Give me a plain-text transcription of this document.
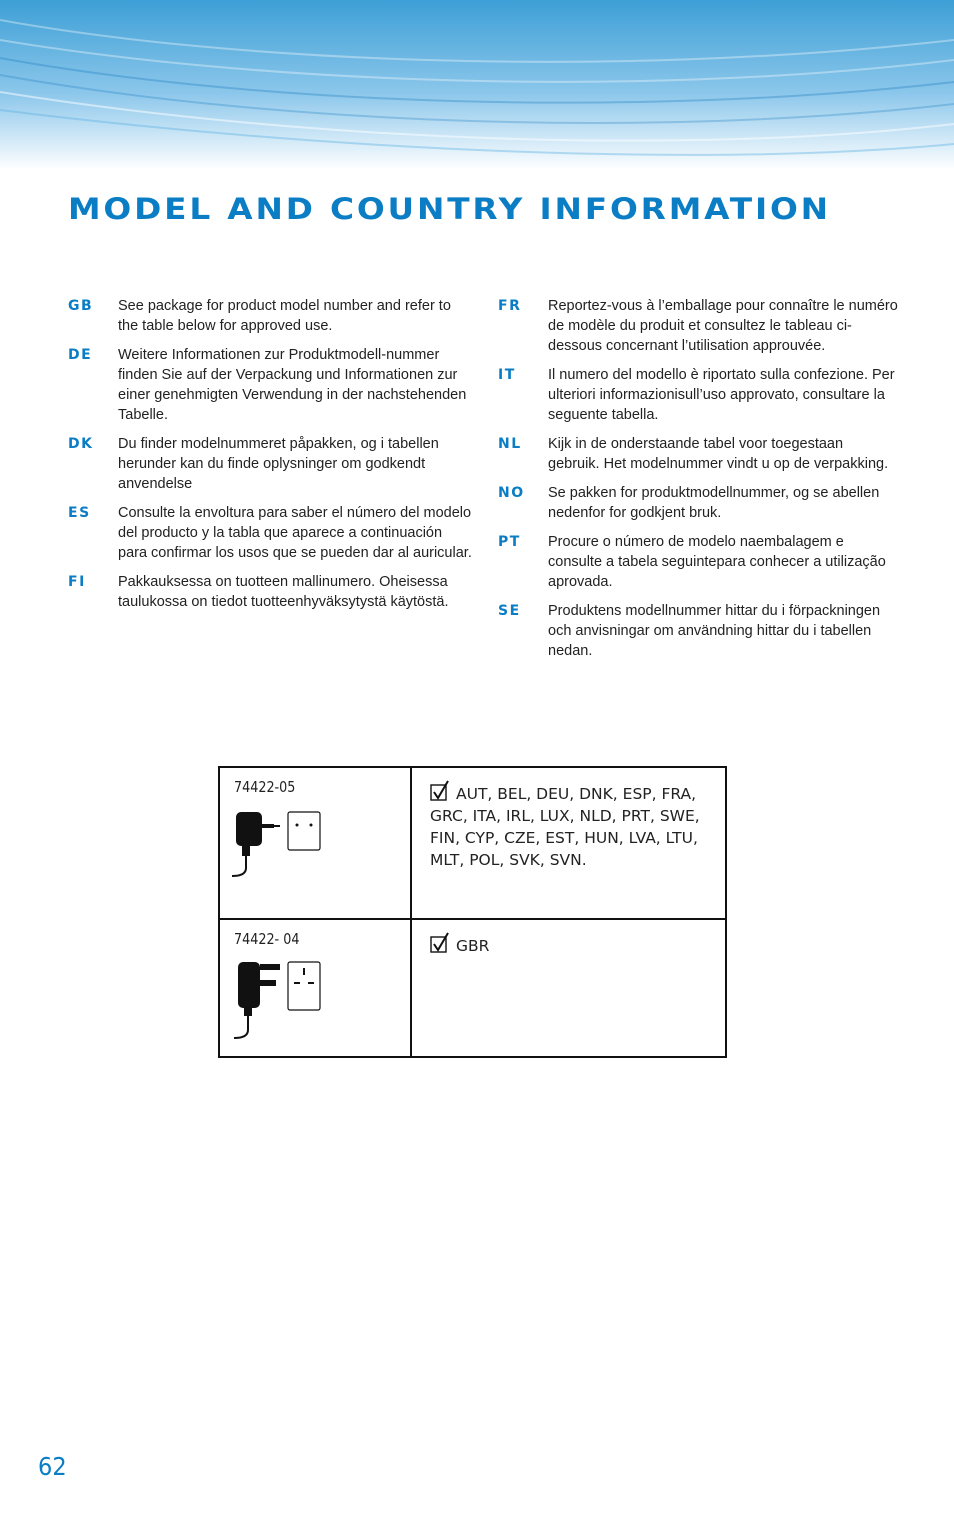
MODEL AND COUNTRY INFORMATION
GB	See package for product model number and refer to the table below for approved use.
DE	Weitere Informationen zur Produktmodell-nummer finden Sie auf der Verpackung und Informationen zur einer genehmigten Verwendung in der nachstehenden Tabelle.
DK	Du finder modelnummeret påpakken, og i tabellen herunder kan du finde oplysninger om godkendt anvendelse
ES	Consulte la envoltura para saber el número del modelo del producto y la tabla que aparece a continuación para confirmar los usos que se pueden dar al auricular.
FI	Pakkauksessa on tuotteen mallinumero. Oheisessa taulukossa on tiedot tuotteenhyväksytystä käytöstä.
FR	Reportez-vous à l’emballage pour connaître le numéro de modèle du produit et consultez le tableau ci-dessous concernant l’utilisation approuvée.
IT	Il numero del modello è riportato sulla confezione. Per ulteriori informazionisull’uso approvato, consultare la seguente tabella.
NL	Kijk in de onderstaande tabel voor toegestaan gebruik. Het modelnummer vindt u op de verpakking.
NO	Se pakken for produktmodellnummer, og se abellen nedenfor for godkjent bruk.
PT	Procure o número de modelo naembalagem e consulte a tabela seguintepara conhecer a utilização aprovada.
SE	Produktens modellnummer hittar du i förpackningen och anvisningar om användning hittar du i tabellen nedan.
74422-05	AUT, BEL, DEU, DNK, ESP, FRA, GRC, ITA, IRL, LUX, NLD, PRT, SWE, FIN, CYP, CZE, EST, HUN, LVA, LTU, MLT, POL, SVK, SVN.

74422- 04	GBR
62
